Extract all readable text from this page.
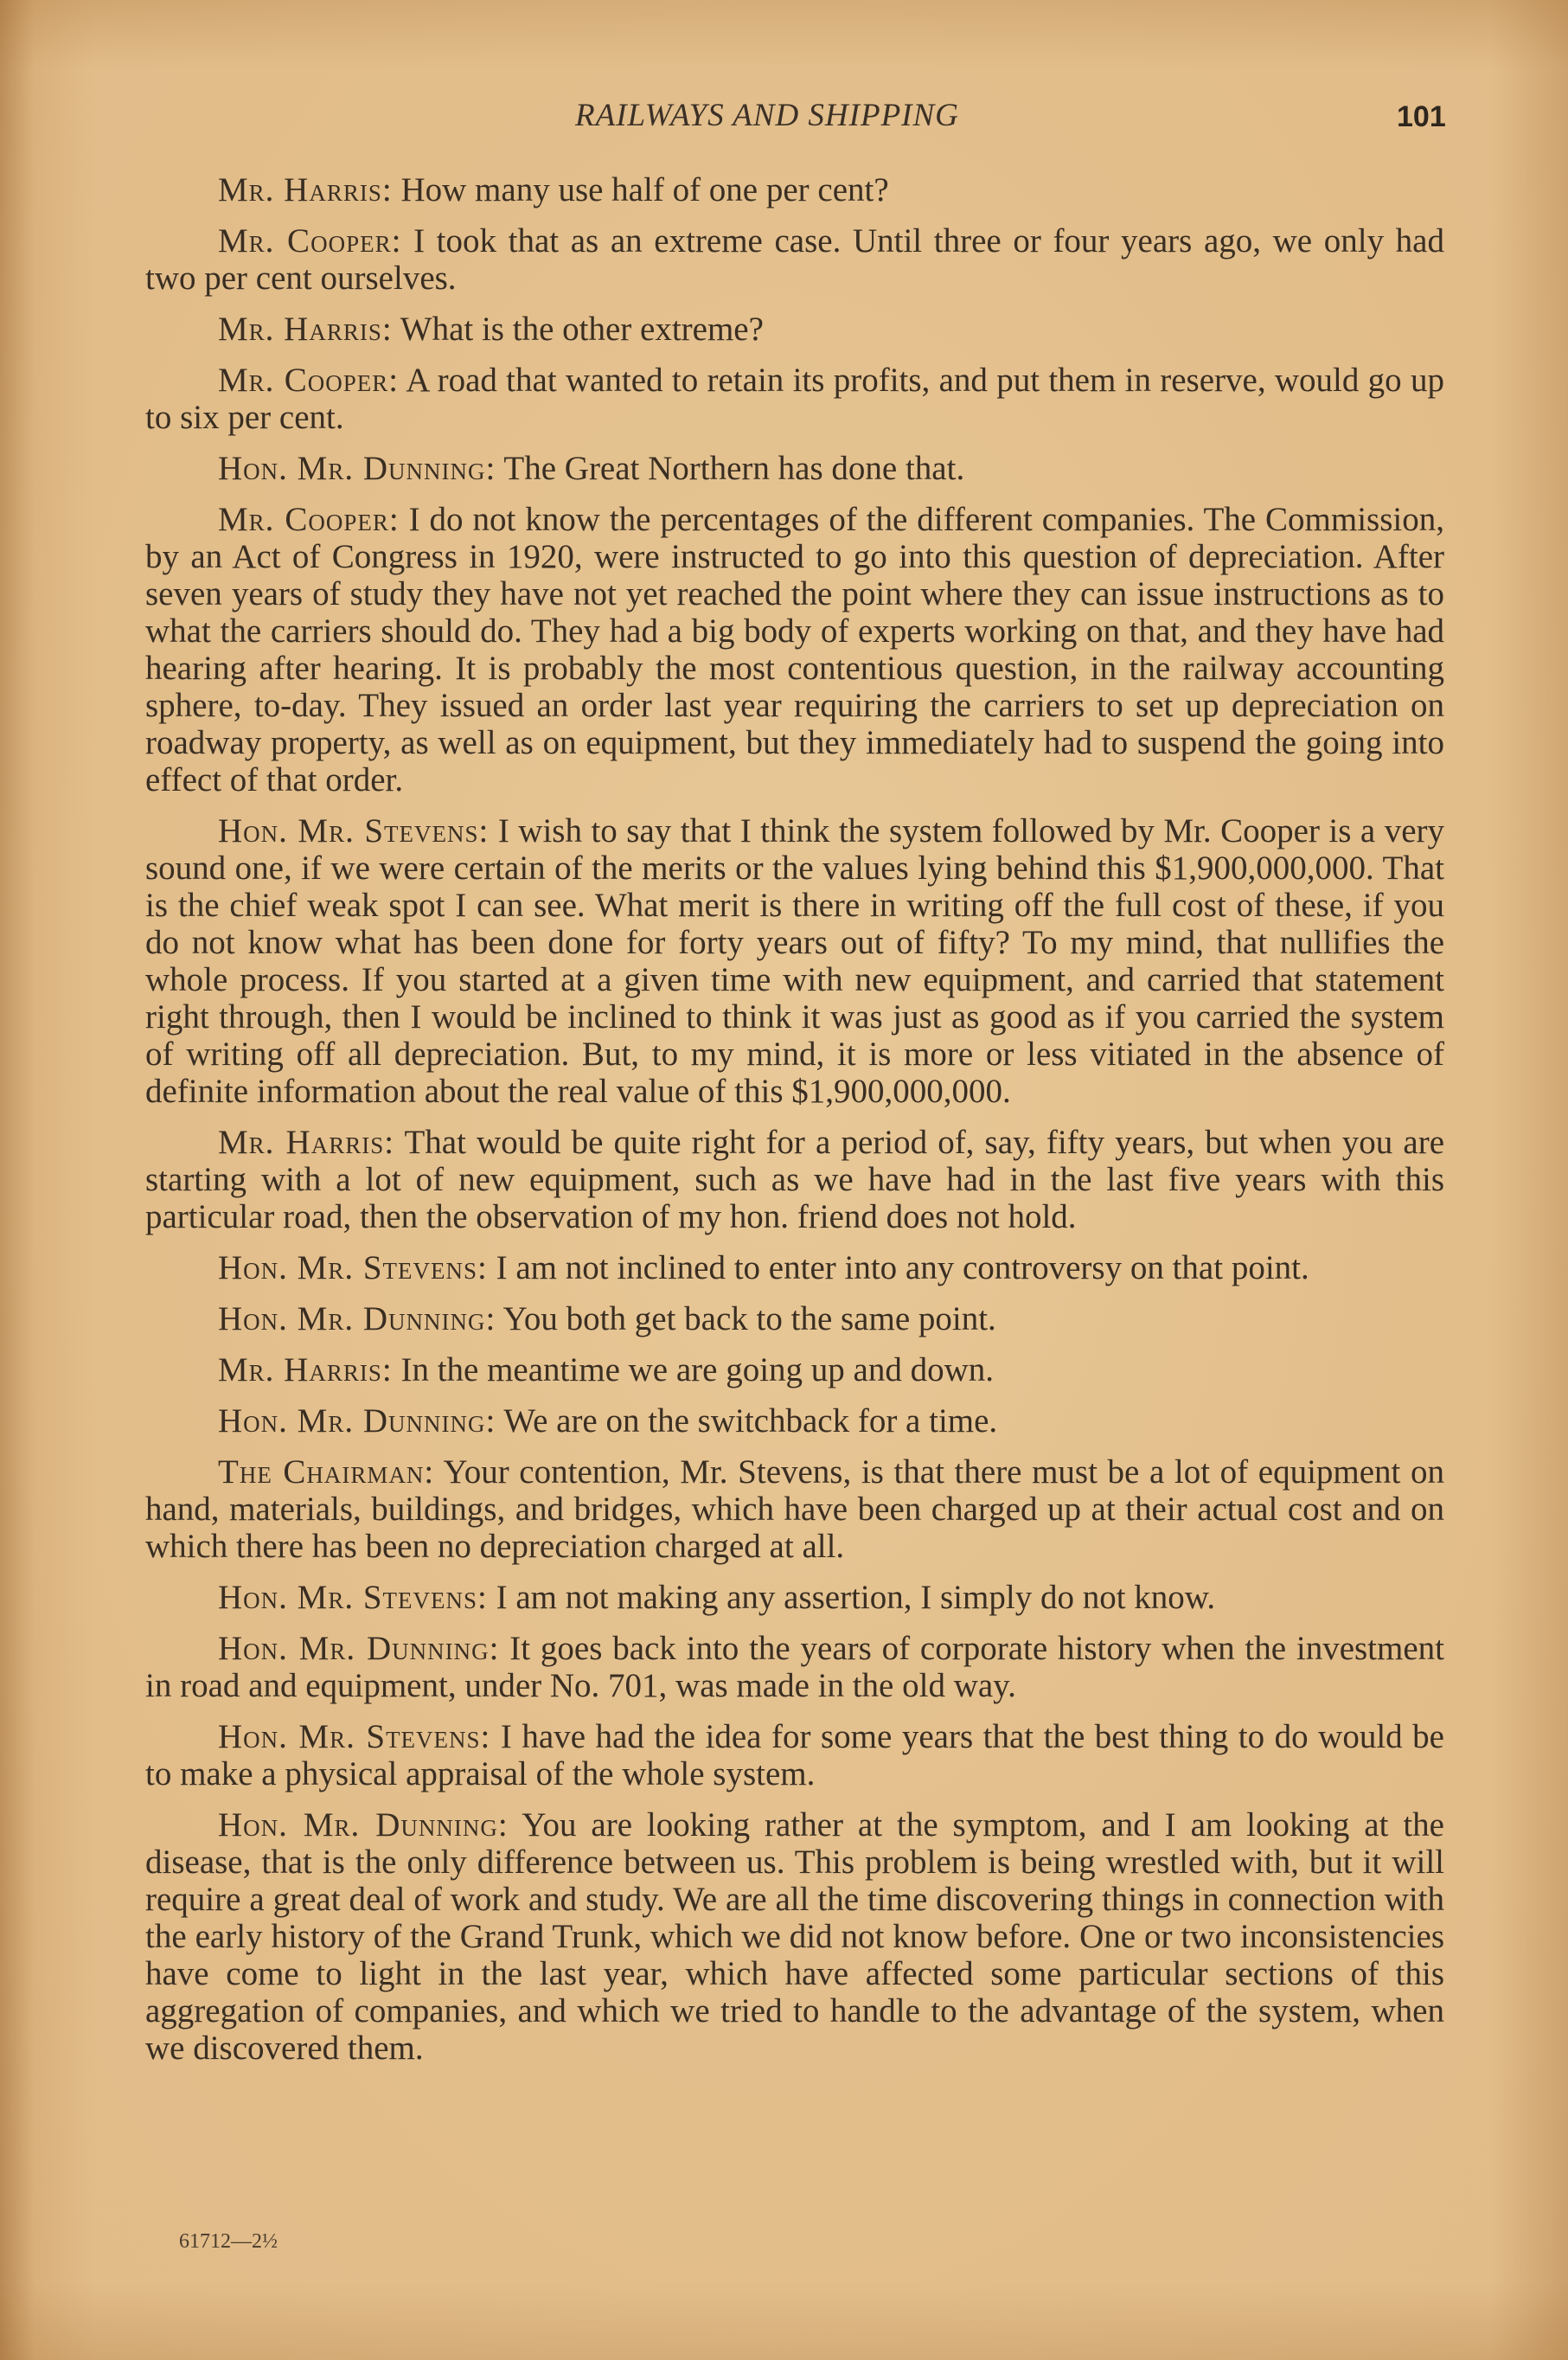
RAILWAYS AND SHIPPING	101

Mr. Harris: How many use half of one per cent?

Mr. Cooper: I took that as an extreme case. Until three or four years ago, we only had two per cent ourselves.

Mr. Harris: What is the other extreme?

Mr. Cooper: A road that wanted to retain its profits, and put them in reserve, would go up to six per cent.

Hon. Mr. Dunning: The Great Northern has done that.

Mr. Cooper: I do not know the percentages of the different companies. The Commission, by an Act of Congress in 1920, were instructed to go into this question of depreciation. After seven years of study they have not yet reached the point where they can issue instructions as to what the carriers should do. They had a big body of experts working on that, and they have had hearing after hearing. It is probably the most contentious question, in the railway accounting sphere, to-day. They issued an order last year requiring the carriers to set up depreciation on roadway property, as well as on equipment, but they immediately had to suspend the going into effect of that order.

Hon. Mr. Stevens: I wish to say that I think the system followed by Mr. Cooper is a very sound one, if we were certain of the merits or the values lying behind this $1,900,000,000. That is the chief weak spot I can see. What merit is there in writing off the full cost of these, if you do not know what has been done for forty years out of fifty? To my mind, that nullifies the whole process. If you started at a given time with new equipment, and carried that statement right through, then I would be inclined to think it was just as good as if you carried the system of writing off all depreciation. But, to my mind, it is more or less vitiated in the absence of definite information about the real value of this $1,900,000,000.

Mr. Harris: That would be quite right for a period of, say, fifty years, but when you are starting with a lot of new equipment, such as we have had in the last five years with this particular road, then the observation of my hon. friend does not hold.

Hon. Mr. Stevens: I am not inclined to enter into any controversy on that point.

Hon. Mr. Dunning: You both get back to the same point.

Mr. Harris: In the meantime we are going up and down.

Hon. Mr. Dunning: We are on the switchback for a time.

The Chairman: Your contention, Mr. Stevens, is that there must be a lot of equipment on hand, materials, buildings, and bridges, which have been charged up at their actual cost and on which there has been no depreciation charged at all.

Hon. Mr. Stevens: I am not making any assertion, I simply do not know.

Hon. Mr. Dunning: It goes back into the years of corporate history when the investment in road and equipment, under No. 701, was made in the old way.

Hon. Mr. Stevens: I have had the idea for some years that the best thing to do would be to make a physical appraisal of the whole system.

Hon. Mr. Dunning: You are looking rather at the symptom, and I am looking at the disease, that is the only difference between us. This problem is being wrestled with, but it will require a great deal of work and study. We are all the time discovering things in connection with the early history of the Grand Trunk, which we did not know before. One or two inconsistencies have come to light in the last year, which have affected some particular sections of this aggregation of companies, and which we tried to handle to the advantage of the system, when we discovered them.

61712—2½
